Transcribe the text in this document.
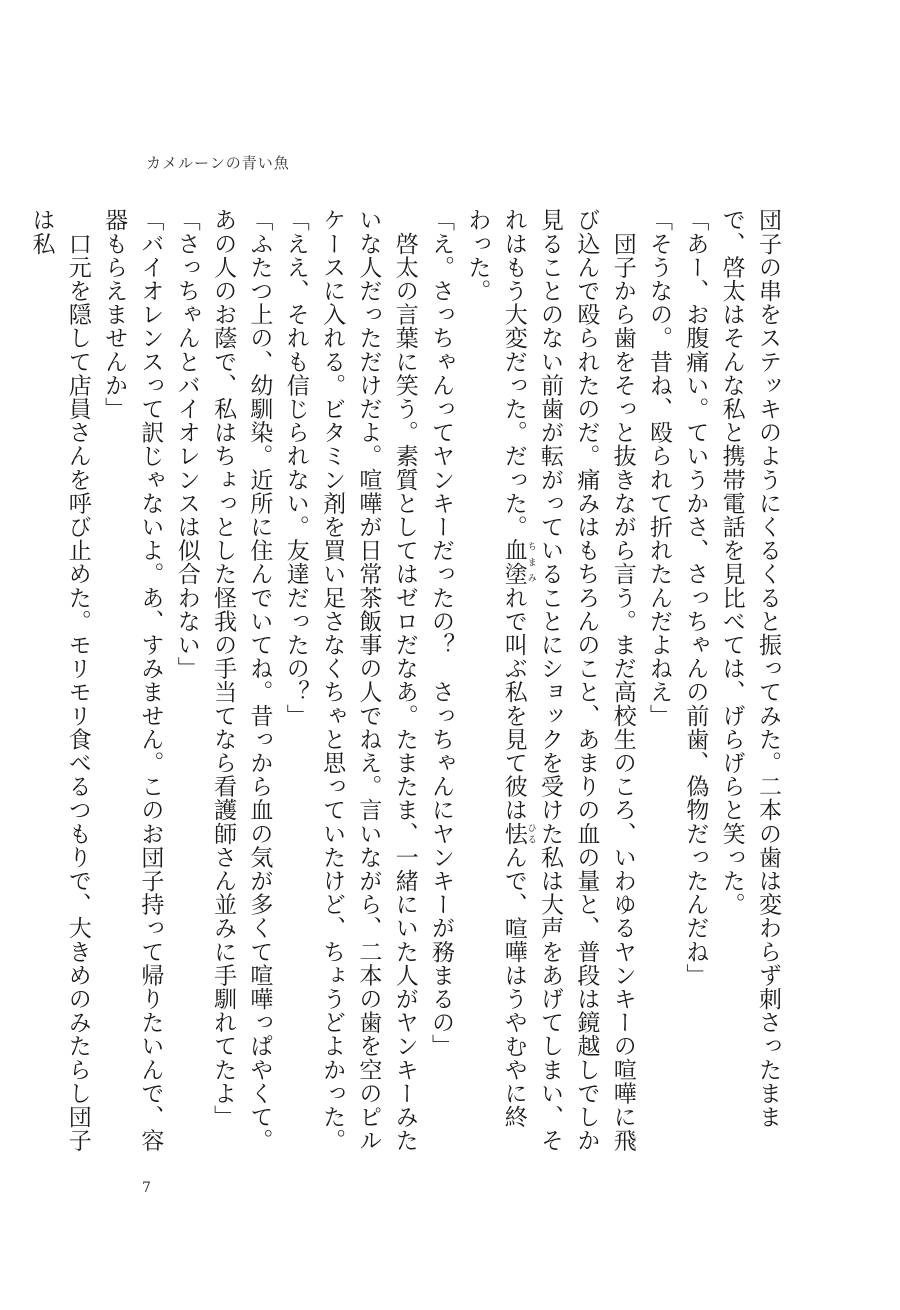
カメルーンの青い魚

団子の串をステッキのようにくるくると振ってみた。二本の歯は変わらず刺さったままで、啓太はそんな私と携帯電話を見比べては、げらげらと笑った。

「あー、お腹痛い。ていうかさ、さっちゃんの前歯、偽物だったんだね」

「そうなの。昔ね、殴られて折れたんだよねえ」

　団子から歯をそっと抜きながら言う。まだ高校生のころ、いわゆるヤンキーの喧嘩に飛び込んで殴られたのだ。痛みはもちろんのこと、あまりの血の量と、普段は鏡越しでしか見ることのない前歯が転がっていることにショックを受けた私は大声をあげてしまい、それはもう大変だった。だった。血塗 ちまみれで叫ぶ私を見て彼は怯 ひるんで、喧嘩はうやむやに終わった。

「え。さっちゃんってヤンキーだったの？　さっちゃんにヤンキーが務まるの」

　啓太の言葉に笑う。素質としてはゼロだなあ。たまたま、一緒にいた人がヤンキーみたいな人だっただけだよ。喧嘩が日常茶飯事の人でねえ。言いながら、二本の歯を空のピルケースに入れる。ビタミン剤を買い足さなくちゃと思っていたけど、ちょうどよかった。

「ええ、それも信じられない。友達だったの？」

「ふたつ上の、幼馴染。近所に住んでいてね。昔っから血の気が多くて喧嘩っぱやくて。あの人のお蔭で、私はちょっとした怪我の手当てなら看護師さん並みに手馴れてたよ」

「さっちゃんとバイオレンスは似合わない」

「バイオレンスって訳じゃないよ。あ、すみません。このお団子持って帰りたいんで、容器もらえませんか」

　口元を隠して店員さんを呼び止めた。モリモリ食べるつもりで、大きめのみたらし団子は私

7
